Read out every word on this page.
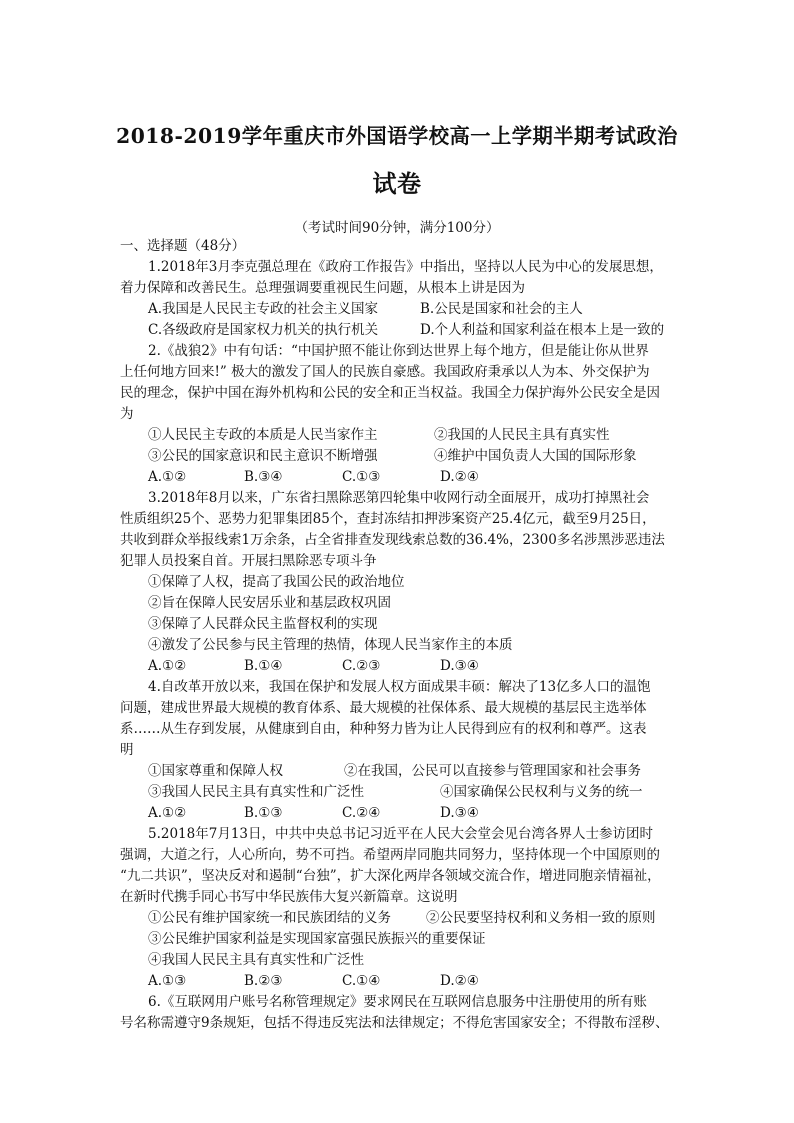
2018-2019学年重庆市外国语学校高一上学期半期考试政治
试卷
（考试时间90分钟，满分100分）
一、选择题（48分）
1.2018年3月李克强总理在《政府工作报告》中指出，坚持以人民为中心的发展思想，
着力保障和改善民生。总理强调要重视民生问题，从根本上讲是因为
A.我国是人民民主专政的社会主义国家	B.公民是国家和社会的主人
C.各级政府是国家权力机关的执行机关	D.个人利益和国家利益在根本上是一致的
2.《战狼2》中有句话：“中国护照不能让你到达世界上每个地方，但是能让你从世界
上任何地方回来!” 极大的激发了国人的民族自豪感。我国政府秉承以人为本、外交保护为
民的理念，保护中国在海外机构和公民的安全和正当权益。我国全力保护海外公民安全是因
为
①人民民主专政的本质是人民当家作主	②我国的人民民主具有真实性
③公民的国家意识和民主意识不断增强	④维护中国负责人大国的国际形象
A.①②	B.③④	C.①③	D.②④
3.2018年8月以来，广东省扫黑除恶第四轮集中收网行动全面展开，成功打掉黑社会
性质组织25个、恶势力犯罪集团85个，查封冻结扣押涉案资产25.4亿元，截至9月25日，
共收到群众举报线索1万余条，占全省排查发现线索总数的36.4%，2300多名涉黑涉恶违法
犯罪人员投案自首。开展扫黑除恶专项斗争
①保障了人权，提高了我国公民的政治地位
②旨在保障人民安居乐业和基层政权巩固
③保障了人民群众民主监督权利的实现
④激发了公民参与民主管理的热情，体现人民当家作主的本质
A.①②	B.①④	C.②③	D.③④
4.自改革开放以来，我国在保护和发展人权方面成果丰硕：解决了13亿多人口的温饱
问题，建成世界最大规模的教育体系、最大规模的社保体系、最大规模的基层民主选举体
系……从生存到发展，从健康到自由，种种努力皆为让人民得到应有的权利和尊严。这表
明
①国家尊重和保障人权	②在我国，公民可以直接参与管理国家和社会事务
③我国人民民主具有真实性和广泛性	④国家确保公民权利与义务的统一
A.①②	B.①③	C.②④	D.③④
5.2018年7月13日，中共中央总书记习近平在人民大会堂会见台湾各界人士参访团时
强调，大道之行，人心所向，势不可挡。希望两岸同胞共同努力，坚持体现一个中国原则的
“九二共识”，坚决反对和遏制“台独”，扩大深化两岸各领域交流合作，增进同胞亲情福祉，
在新时代携手同心书写中华民族伟大复兴新篇章。这说明
①公民有维护国家统一和民族团结的义务	②公民要坚持权利和义务相一致的原则
③公民维护国家利益是实现国家富强民族振兴的重要保证
④我国人民民主具有真实性和广泛性
A.①③	B.②③	C.①④	D.②④
6.《互联网用户账号名称管理规定》要求网民在互联网信息服务中注册使用的所有账
号名称需遵守9条规矩，包括不得违反宪法和法律规定；不得危害国家安全；不得散布淫秽、
